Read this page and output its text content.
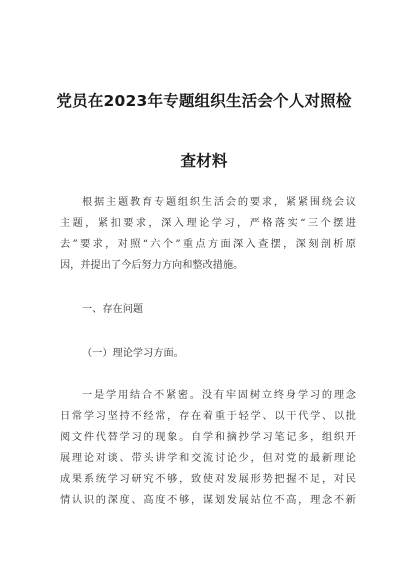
党员在2023年专题组织生活会个人对照检
查材料
根据主题教育专题组织生活会的要求，紧紧围绕会议
主题，紧扣要求，深入理论学习，严格落实“三个摆进
去”要求，对照“六个”重点方面深入查摆，深刻剖析原
因，并提出了今后努力方向和整改措施。
一、存在问题
（一）理论学习方面。
一是学用结合不紧密。没有牢固树立终身学习的理念
日常学习坚持不经常，存在着重于轻学、以干代学、以批
阅文件代替学习的现象。自学和摘抄学习笔记多，组织开
展理论对谈、带头讲学和交流讨论少，但对党的最新理论
成果系统学习研究不够，致使对发展形势把握不足，对民
情认识的深度、高度不够，谋划发展站位不高，理念不新
